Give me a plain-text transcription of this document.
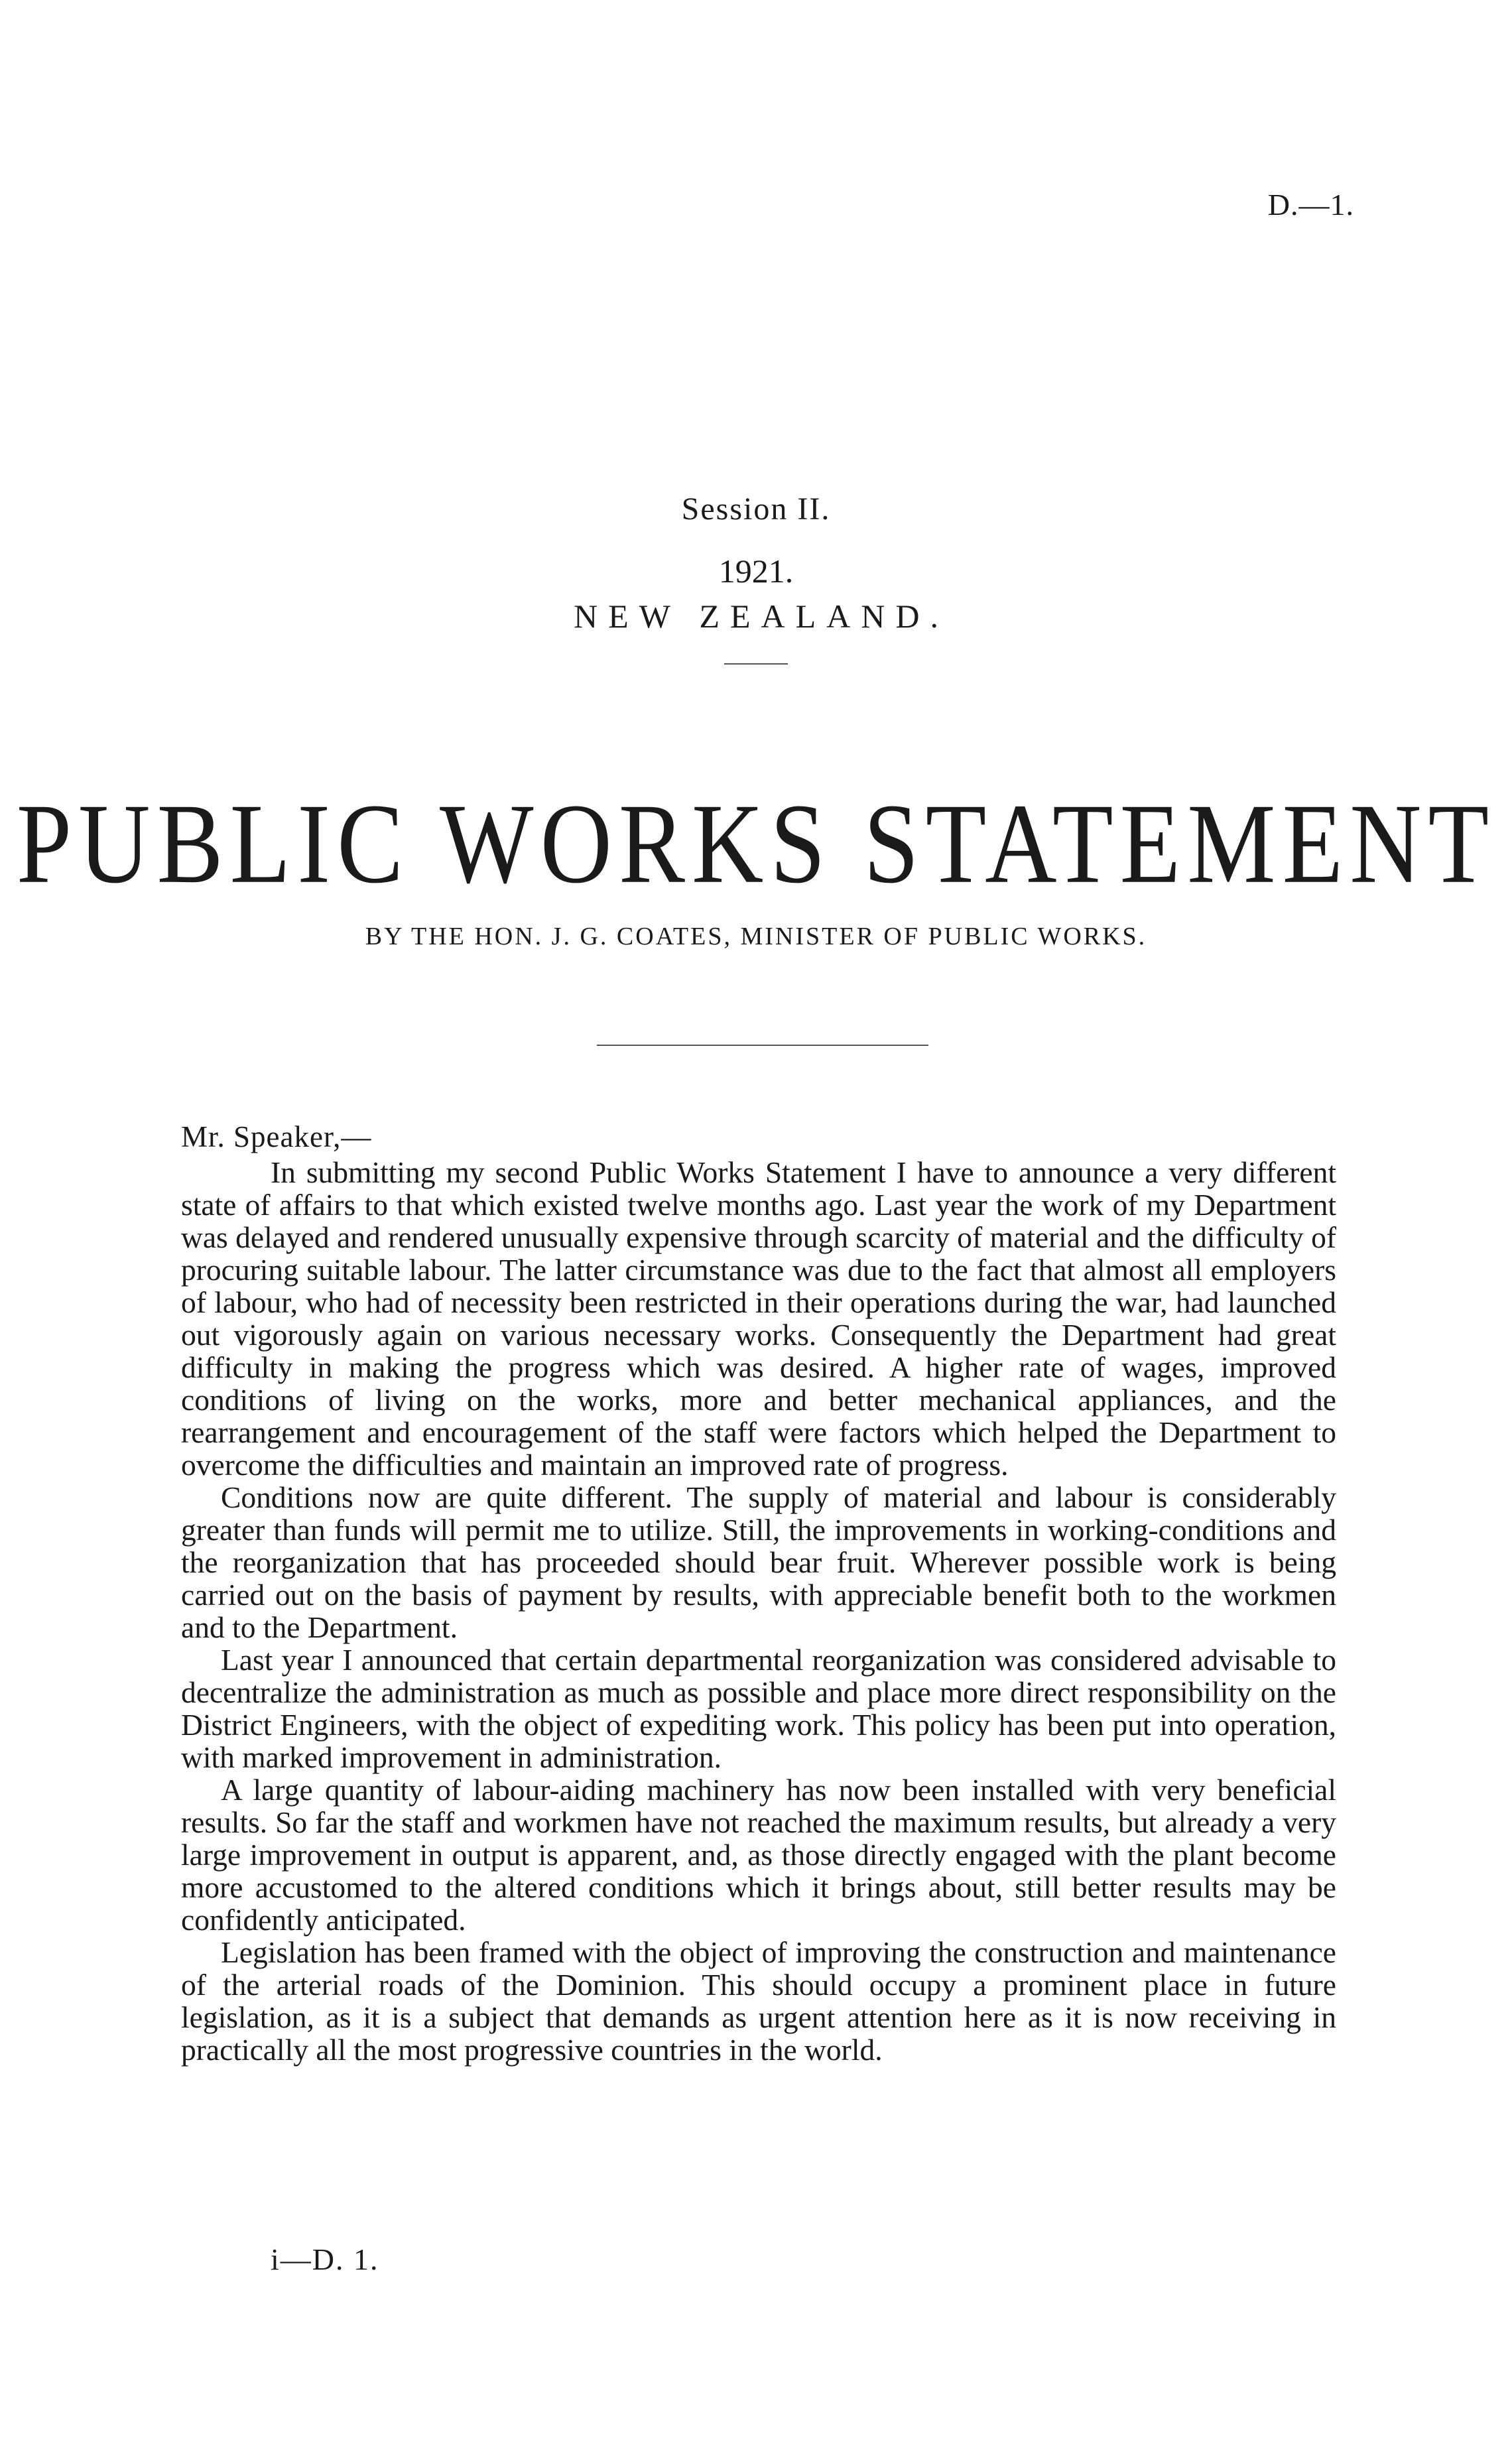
D.—1.
Session II.
1921.
NEW ZEALAND.
PUBLIC WORKS STATEMENT
BY THE HON. J. G. COATES, MINISTER OF PUBLIC WORKS.

Mr. Speaker,—

In submitting my second Public Works Statement I have to announce a very different state of affairs to that which existed twelve months ago. Last year the work of my Department was delayed and rendered unusually expensive through scarcity of material and the difficulty of procuring suitable labour. The latter circumstance was due to the fact that almost all employers of labour, who had of necessity been restricted in their operations during the war, had launched out vigorously again on various necessary works. Consequently the Department had great difficulty in making the progress which was desired. A higher rate of wages, improved conditions of living on the works, more and better mechanical appliances, and the rearrangement and encouragement of the staff were factors which helped the Department to overcome the difficulties and maintain an improved rate of progress.

Conditions now are quite different. The supply of material and labour is considerably greater than funds will permit me to utilize. Still, the improvements in working-conditions and the reorganization that has proceeded should bear fruit. Wherever possible work is being carried out on the basis of payment by results, with appreciable benefit both to the workmen and to the Department.

Last year I announced that certain departmental reorganization was considered advisable to decentralize the administration as much as possible and place more direct responsibility on the District Engineers, with the object of expediting work. This policy has been put into operation, with marked improvement in administration.

A large quantity of labour-aiding machinery has now been installed with very beneficial results. So far the staff and workmen have not reached the maximum results, but already a very large improvement in output is apparent, and, as those directly engaged with the plant become more accustomed to the altered conditions which it brings about, still better results may be confidently anticipated.

Legislation has been framed with the object of improving the construction and maintenance of the arterial roads of the Dominion. This should occupy a prominent place in future legislation, as it is a subject that demands as urgent attention here as it is now receiving in practically all the most progressive countries in the world.

i—D. 1.
